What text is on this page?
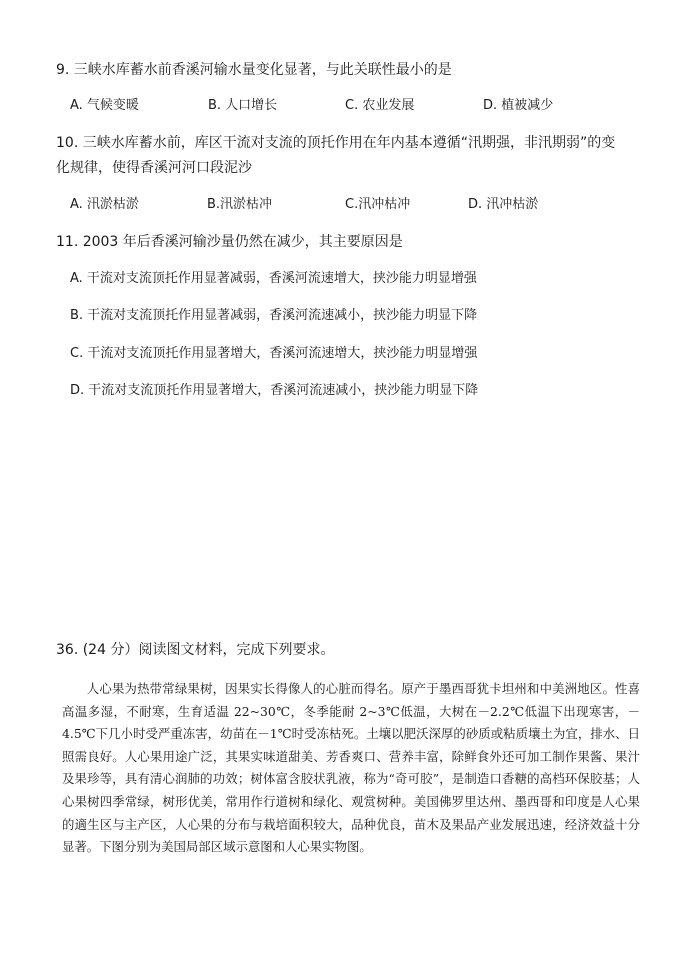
9. 三峡水库蓄水前香溪河输水量变化显著，与此关联性最小的是
A. 气候变暖	B. 人口增长	C. 农业发展	D. 植被减少
10. 三峡水库蓄水前，库区干流对支流的顶托作用在年内基本遵循“汛期强，非汛期弱”的变
化规律，使得香溪河河口段泥沙
A. 汛淤枯淤	B.汛淤枯冲	C.汛冲枯冲	D. 汛冲枯淤
11. 2003 年后香溪河输沙量仍然在减少，其主要原因是
A. 干流对支流顶托作用显著减弱，香溪河流速增大，挟沙能力明显增强
B. 干流对支流顶托作用显著减弱，香溪河流速减小，挟沙能力明显下降
C. 干流对支流顶托作用显著增大，香溪河流速增大，挟沙能力明显增强
D. 干流对支流顶托作用显著增大，香溪河流速减小，挟沙能力明显下降
36. (24 分）阅读图文材料，完成下列要求。

人心果为热带常绿果树，因果实长得像人的心脏而得名。原产于墨西哥犹卡坦州和中美洲地区。性喜高温多湿，不耐寒，生育适温 22~30℃，冬季能耐 2~3℃低温，大树在－2.2℃低温下出现寒害，－4.5℃下几小时受严重冻害，幼苗在－1℃时受冻枯死。土壤以肥沃深厚的砂质或粘质壤土为宜，排水、日照需良好。人心果用途广泛，其果实味道甜美、芳香爽口、营养丰富，除鲜食外还可加工制作果酱、果汁及果珍等，具有清心润肺的功效；树体富含胶状乳液，称为“奇可胶”，是制造口香糖的高档环保胶基；人心果树四季常绿，树形优美，常用作行道树和绿化、观赏树种。美国佛罗里达州、墨西哥和印度是人心果的適生区与主产区，人心果的分布与栽培面积较大，品种优良，苗木及果品产业发展迅速，经济效益十分显著。下图分别为美国局部区域示意图和人心果实物图。
